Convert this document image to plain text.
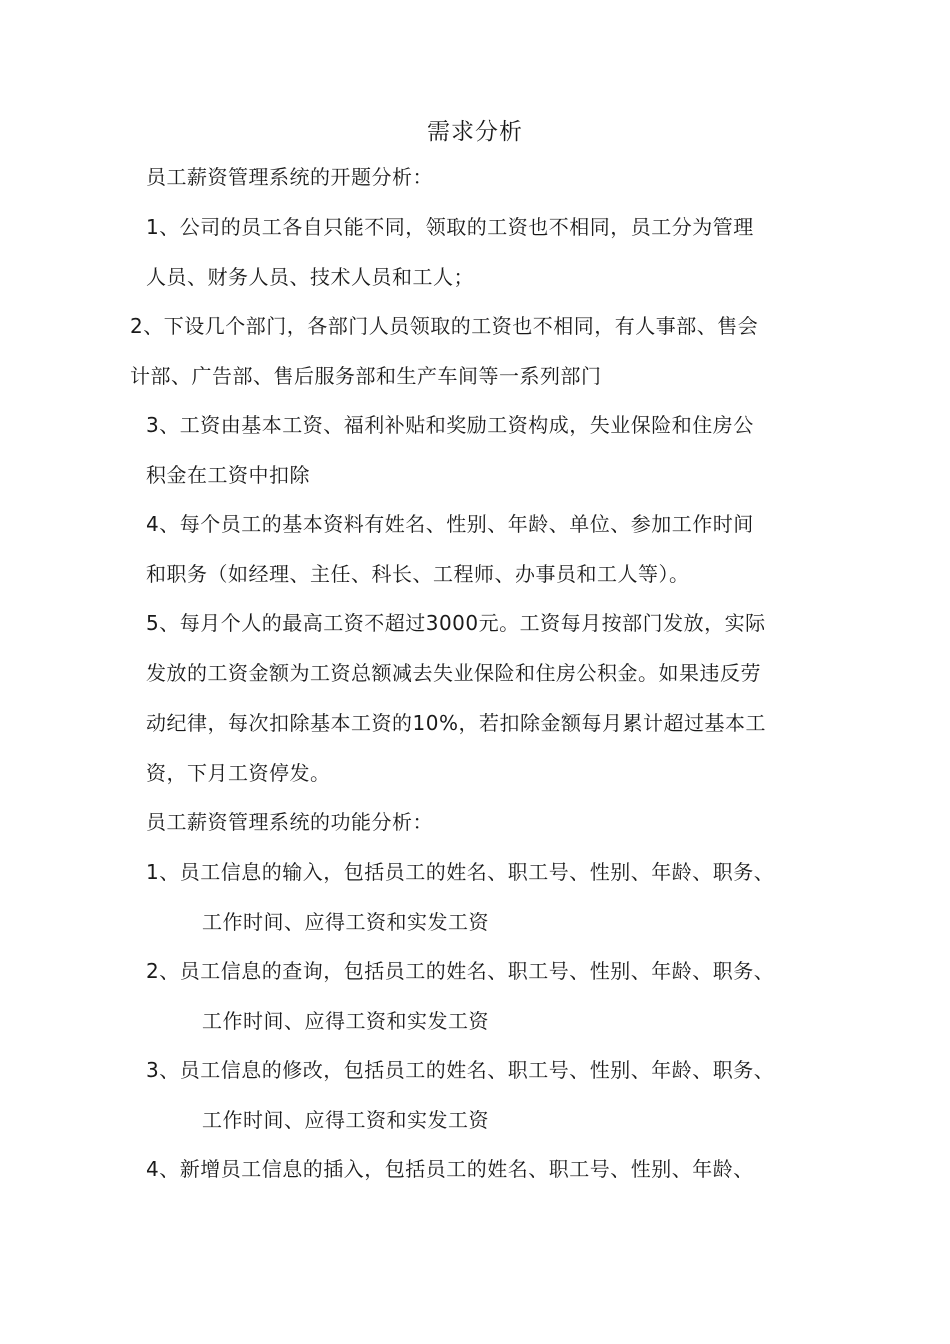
需求分析
员工薪资管理系统的开题分析：
1、公司的员工各自只能不同，领取的工资也不相同，员工分为管理
人员、财务人员、技术人员和工人；
2、下设几个部门，各部门人员领取的工资也不相同，有人事部、售会
计部、广告部、售后服务部和生产车间等一系列部门
3、工资由基本工资、福利补贴和奖励工资构成，失业保险和住房公
积金在工资中扣除
4、每个员工的基本资料有姓名、性别、年龄、单位、参加工作时间
和职务（如经理、主任、科长、工程师、办事员和工人等）。
5、每月个人的最高工资不超过3000元。工资每月按部门发放，实际
发放的工资金额为工资总额减去失业保险和住房公积金。如果违反劳
动纪律，每次扣除基本工资的10%，若扣除金额每月累计超过基本工
资，下月工资停发。
员工薪资管理系统的功能分析：
1、员工信息的输入，包括员工的姓名、职工号、性别、年龄、职务、
工作时间、应得工资和实发工资
2、员工信息的查询，包括员工的姓名、职工号、性别、年龄、职务、
工作时间、应得工资和实发工资
3、员工信息的修改，包括员工的姓名、职工号、性别、年龄、职务、
工作时间、应得工资和实发工资
4、新增员工信息的插入，包括员工的姓名、职工号、性别、年龄、
